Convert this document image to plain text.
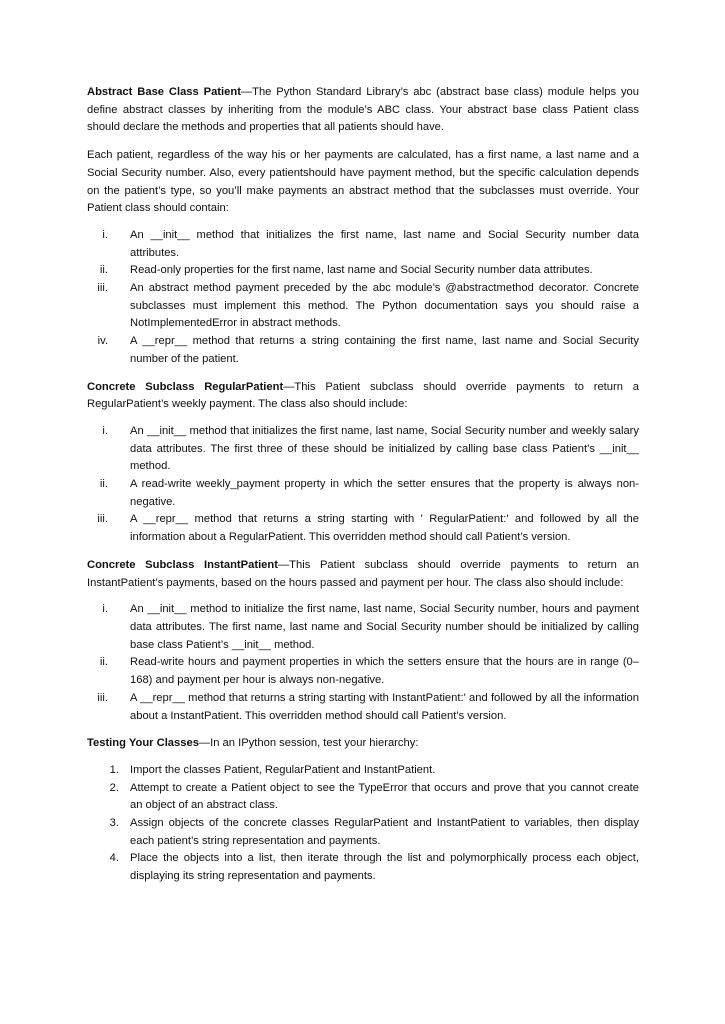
Abstract Base Class Patient—The Python Standard Library’s abc (abstract base class) module helps you define abstract classes by inheriting from the module’s ABC class. Your abstract base class Patient class should declare the methods and properties that all patients should have.

Each patient, regardless of the way his or her payments are calculated, has a first name, a last name and a Social Security number. Also, every patientshould have payment method, but the specific calculation depends on the patient’s type, so you’ll make payments an abstract method that the subclasses must override. Your Patient class should contain:

i. An __init__ method that initializes the first name, last name and Social Security number data attributes.
ii. Read-only properties for the first name, last name and Social Security number data attributes.
iii. An abstract method payment preceded by the abc module’s @abstractmethod decorator. Concrete subclasses must implement this method. The Python documentation says you should raise a NotImplementedError in abstract methods.
iv. A __repr__ method that returns a string containing the first name, last name and Social Security number of the patient.

Concrete Subclass RegularPatient—This Patient subclass should override payments to return a RegularPatient’s weekly payment. The class also should include:

i. An __init__ method that initializes the first name, last name, Social Security number and weekly salary data attributes. The first three of these should be initialized by calling base class Patient’s __init__ method.
ii. A read-write weekly_payment property in which the setter ensures that the property is always non-negative.
iii. A __repr__ method that returns a string starting with ' RegularPatient:' and followed by all the information about a RegularPatient. This overridden method should call Patient’s version.

Concrete Subclass InstantPatient—This Patient subclass should override payments to return an InstantPatient’s payments, based on the hours passed and payment per hour. The class also should include:

i. An __init__ method to initialize the first name, last name, Social Security number, hours and payment data attributes. The first name, last name and Social Security number should be initialized by calling base class Patient’s __init__ method.
ii. Read-write hours and payment properties in which the setters ensure that the hours are in range (0–168) and payment per hour is always non-negative.
iii. A __repr__ method that returns a string starting with InstantPatient:' and followed by all the information about a InstantPatient. This overridden method should call Patient’s version.

Testing Your Classes—In an IPython session, test your hierarchy:

1. Import the classes Patient, RegularPatient and InstantPatient.
2. Attempt to create a Patient object to see the TypeError that occurs and prove that you cannot create an object of an abstract class.
3. Assign objects of the concrete classes RegularPatient and InstantPatient to variables, then display each patient’s string representation and payments.
4. Place the objects into a list, then iterate through the list and polymorphically process each object, displaying its string representation and payments.
